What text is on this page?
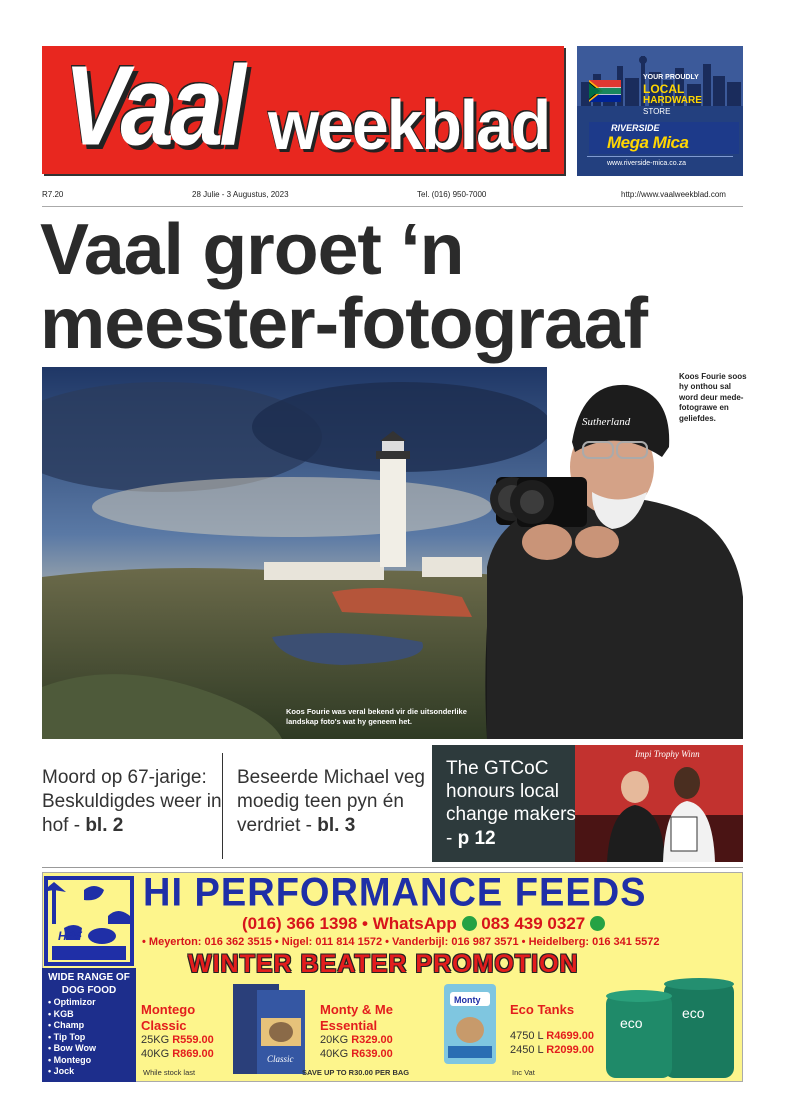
Vaal weekblad
YOUR PROUDLY
LOCAL
HARDWARE
STORE
RIVERSIDE
Mega Mica
www.riverside-mica.co.za
R7.20	28 Julie - 3 Augustus, 2023	Tel. (016) 950-7000	http://www.vaalweekblad.com
Vaal groet ‘n
meester-fotograaf
Sutherland
Koos Fourie was veral bekend vir die uitsonderlike landskap foto's wat hy geneem het.
Koos Fourie soos hy onthou sal word deur mede-fotograwe en geliefdes.
Moord op 67-jarige: Beskuldigdes weer in hof - bl. 2
Beseerde Michael veg moedig teen pyn én verdriet - bl. 3
Impi Trophy Winn
The GTCoC honours local change makers - p 12
HPF
HI PERFORMANCE FEEDS
(016) 366 1398 • WhatsApp 083 439 0327
• Meyerton: 016 362 3515 • Nigel: 011 814 1572 • Vanderbijl: 016 987 3571 • Heidelberg: 016 341 5572
WINTER BEATER PROMOTION
WIDE RANGE OF DOG FOOD
• Optimizor
• KGB
• Champ
• Tip Top
• Bow Wow
• Montego
• Jock
Montego Classic
25KG R559.00
40KG R869.00
While stock last
Classic
Monty & Me Essential
20KG R329.00
40KG R639.00
SAVE UP TO R30.00 PER BAG
Monty
Eco Tanks
4750 L R4699.00
2450 L R2099.00
Inc Vat
eco
eco
